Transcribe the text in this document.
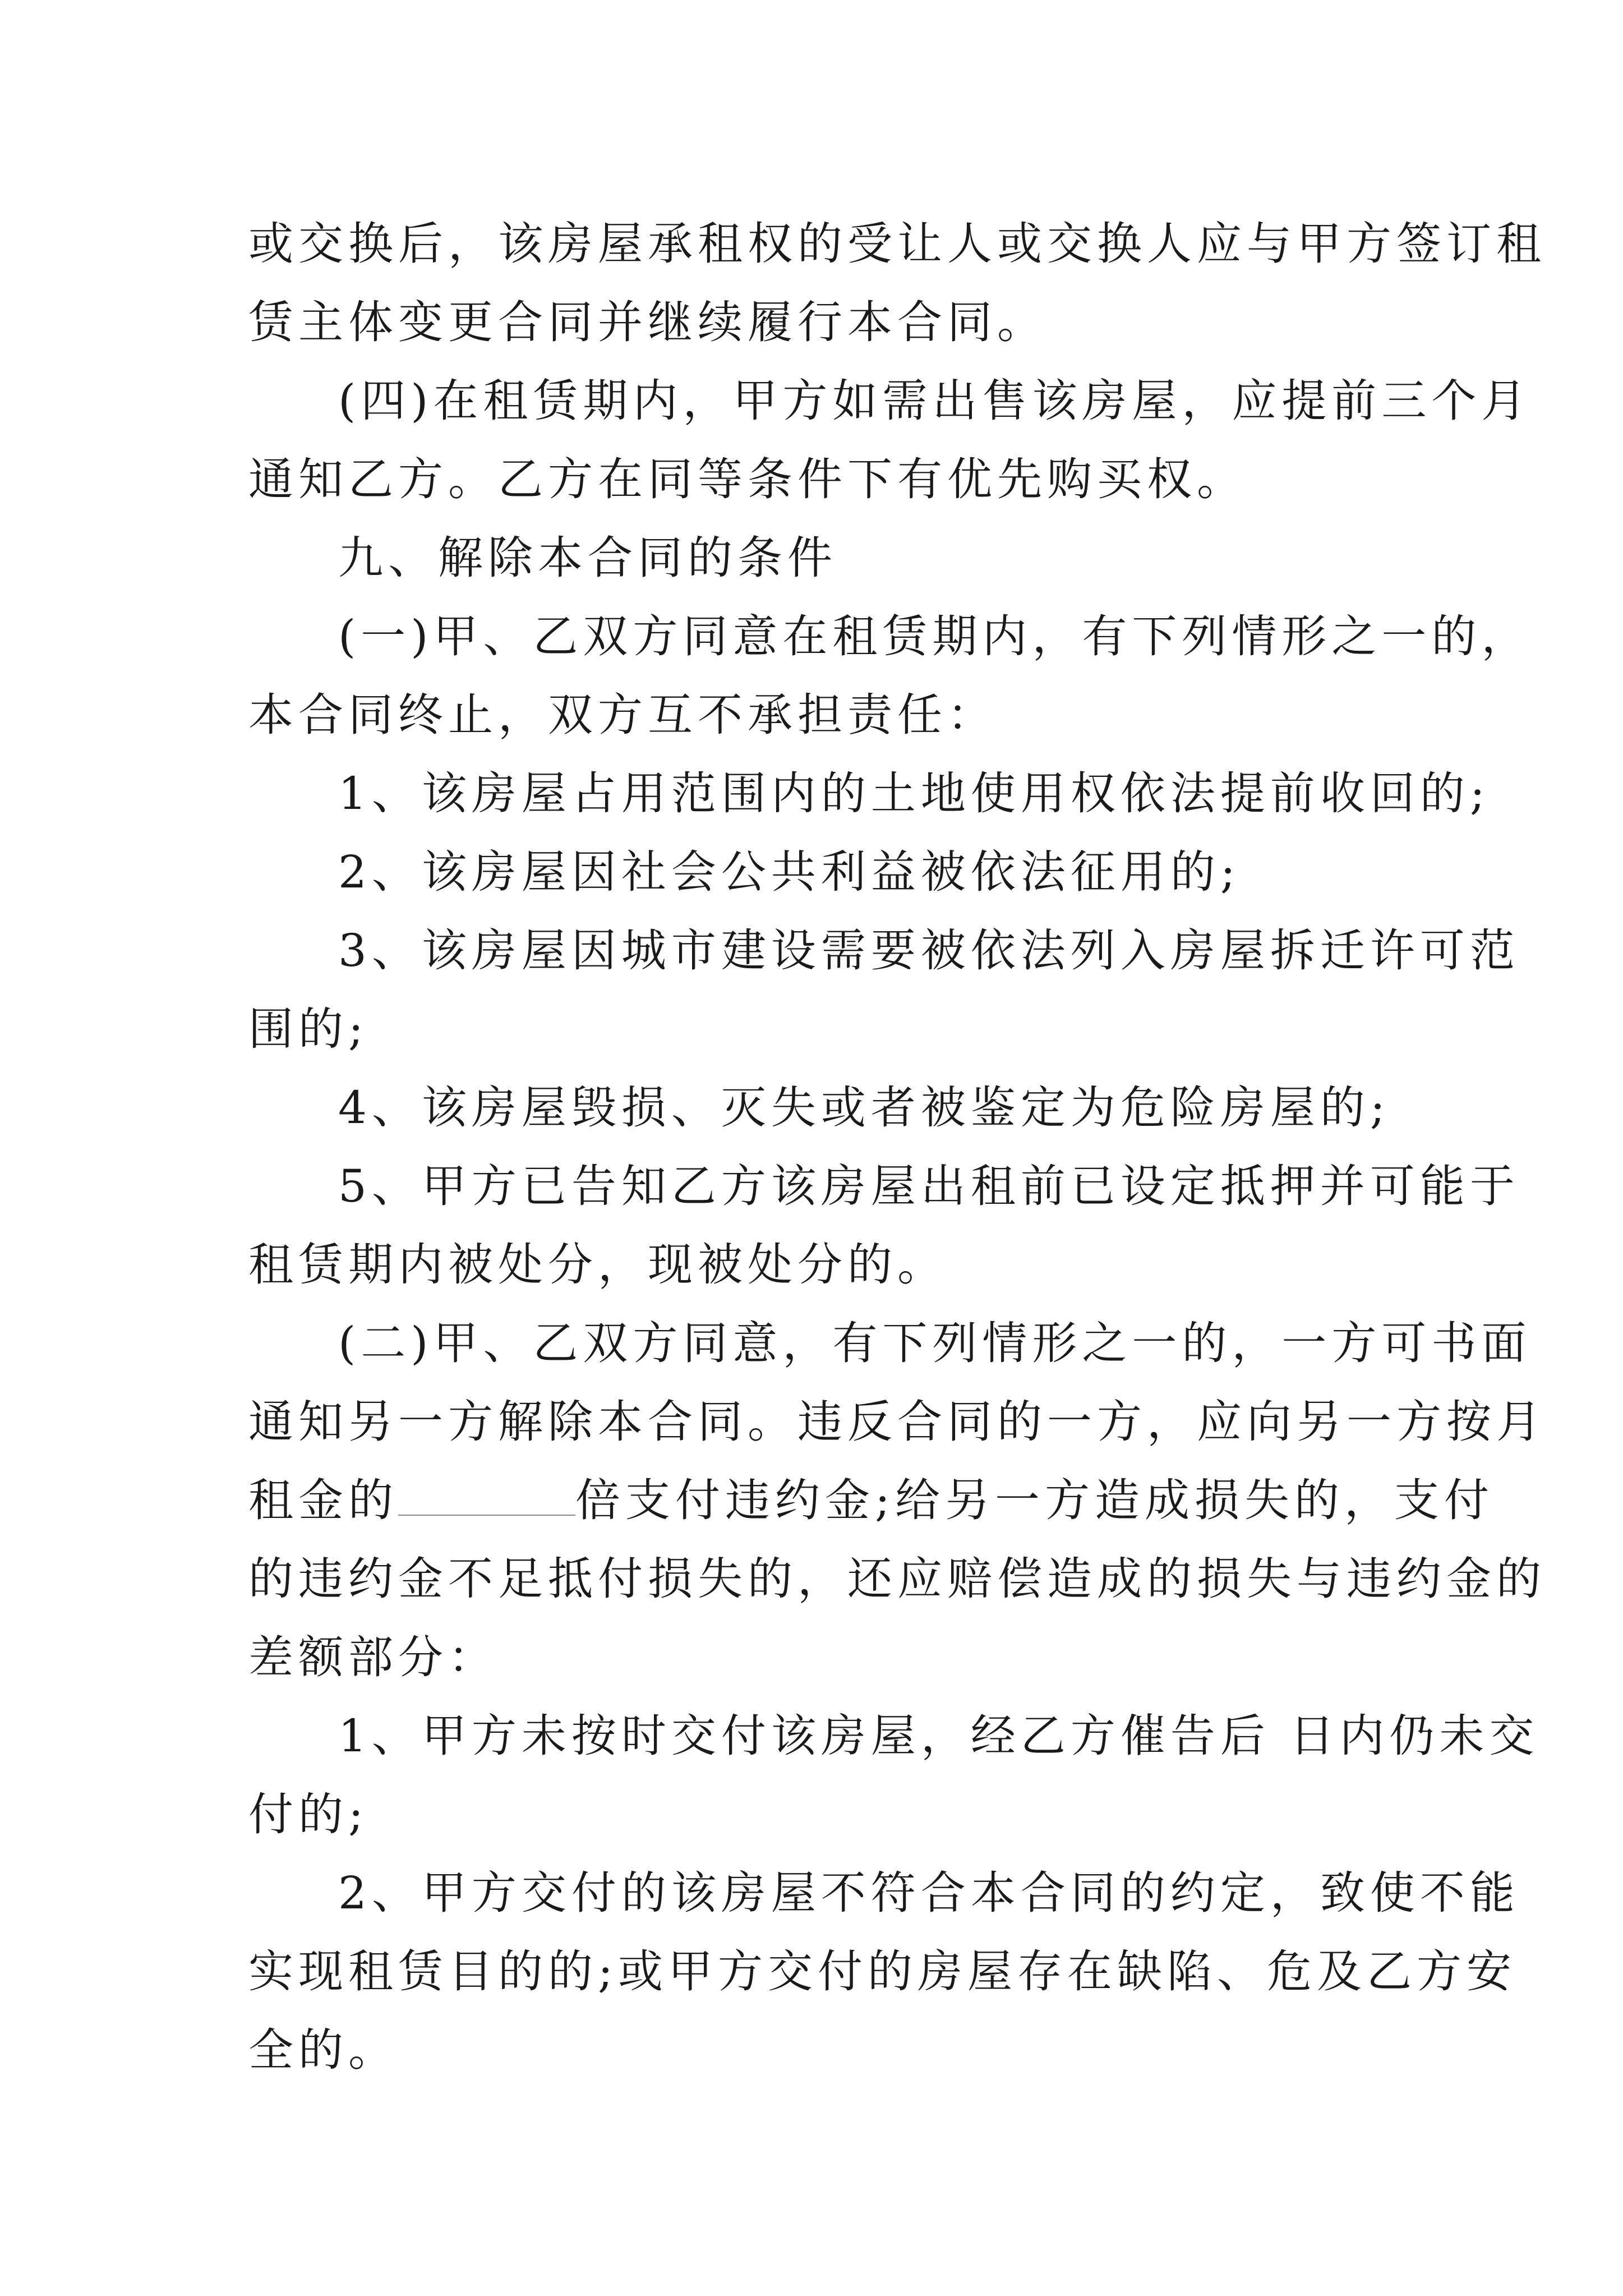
或交换后，该房屋承租权的受让人或交换人应与甲方签订租

赁主体变更合同并继续履行本合同。

(四)在租赁期内，甲方如需出售该房屋，应提前三个月

通知乙方。乙方在同等条件下有优先购买权。

九、解除本合同的条件

(一)甲、乙双方同意在租赁期内，有下列情形之一的，

本合同终止，双方互不承担责任：

1、该房屋占用范围内的土地使用权依法提前收回的;

2、该房屋因社会公共利益被依法征用的;

3、该房屋因城市建设需要被依法列入房屋拆迁许可范

围的;

4、该房屋毁损、灭失或者被鉴定为危险房屋的;

5、甲方已告知乙方该房屋出租前已设定抵押并可能于

租赁期内被处分，现被处分的。

(二)甲、乙双方同意，有下列情形之一的，一方可书面

通知另一方解除本合同。违反合同的一方，应向另一方按月

租金的	倍支付违约金;给另一方造成损失的，支付

的违约金不足抵付损失的，还应赔偿造成的损失与违约金的

差额部分：

1、甲方未按时交付该房屋，经乙方催告后 日内仍未交

付的;

2、甲方交付的该房屋不符合本合同的约定，致使不能

实现租赁目的的;或甲方交付的房屋存在缺陷、危及乙方安

全的。
